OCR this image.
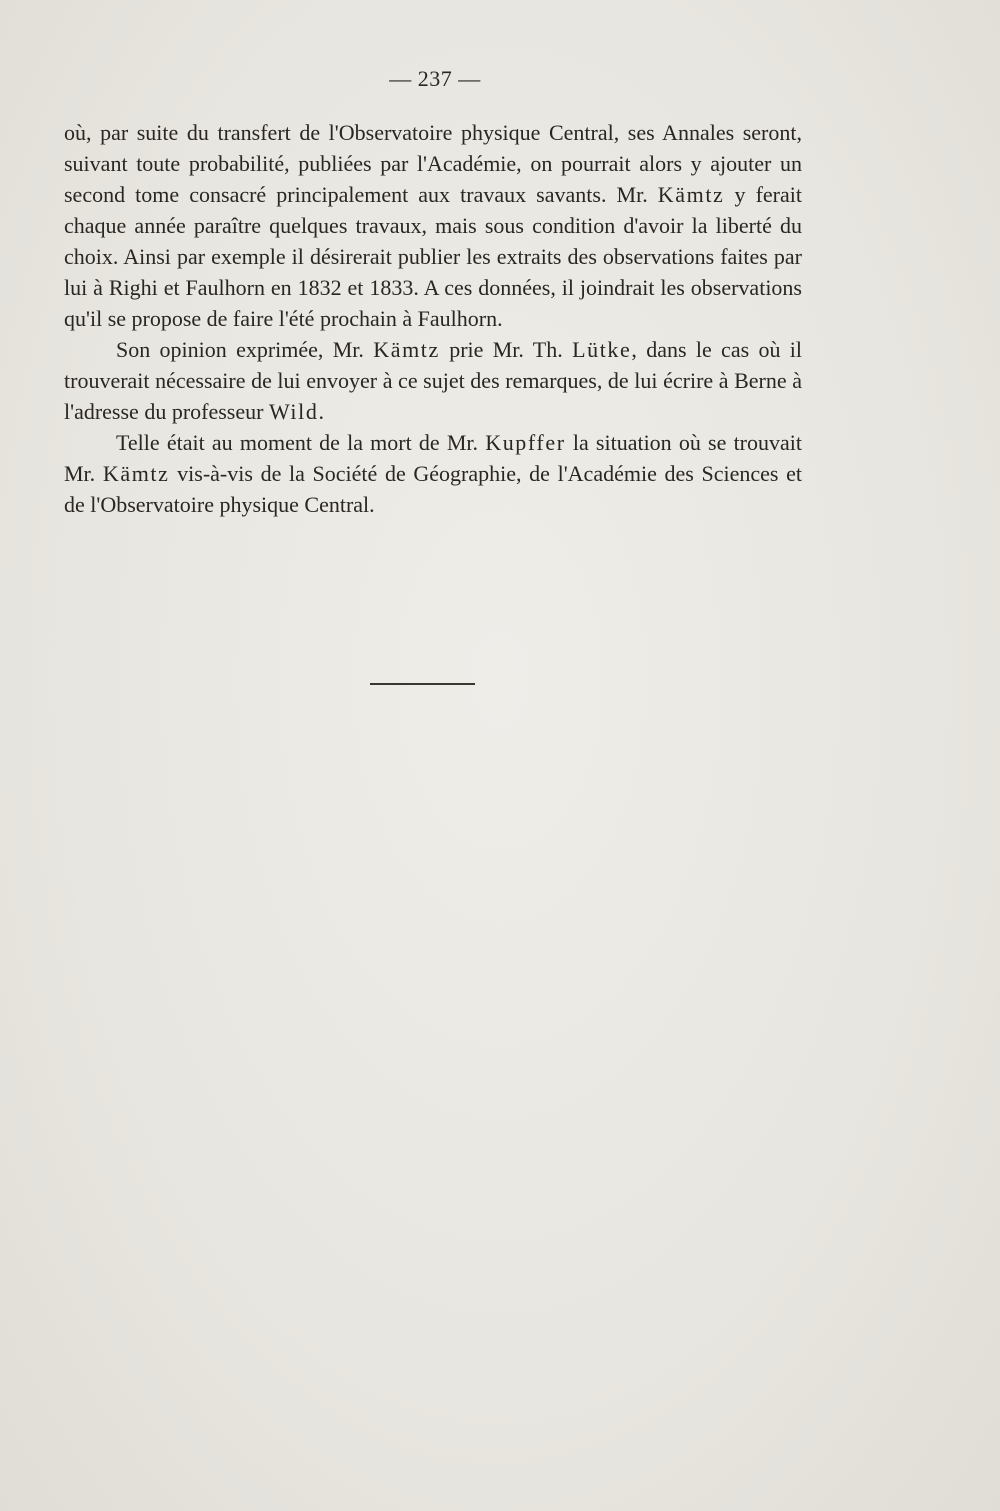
— 237 —

où, par suite du transfert de l'Observatoire physique Central, ses Annales seront, suivant toute probabilité, publiées par l'Académie, on pourrait alors y ajouter un second tome consacré principalement aux travaux savants. Mr. Kämtz y ferait chaque année paraître quelques travaux, mais sous condition d'avoir la liberté du choix. Ainsi par exemple il désirerait publier les extraits des observations faites par lui à Righi et Faulhorn en 1832 et 1833. A ces données, il joindrait les observations qu'il se propose de faire l'été prochain à Faulhorn.

Son opinion exprimée, Mr. Kämtz prie Mr. Th. Lütke, dans le cas où il trouverait nécessaire de lui envoyer à ce sujet des remarques, de lui écrire à Berne à l'adresse du professeur Wild.

Telle était au moment de la mort de Mr. Kupffer la situation où se trouvait Mr. Kämtz vis-à-vis de la Société de Géographie, de l'Académie des Sciences et de l'Observatoire physique Central.
